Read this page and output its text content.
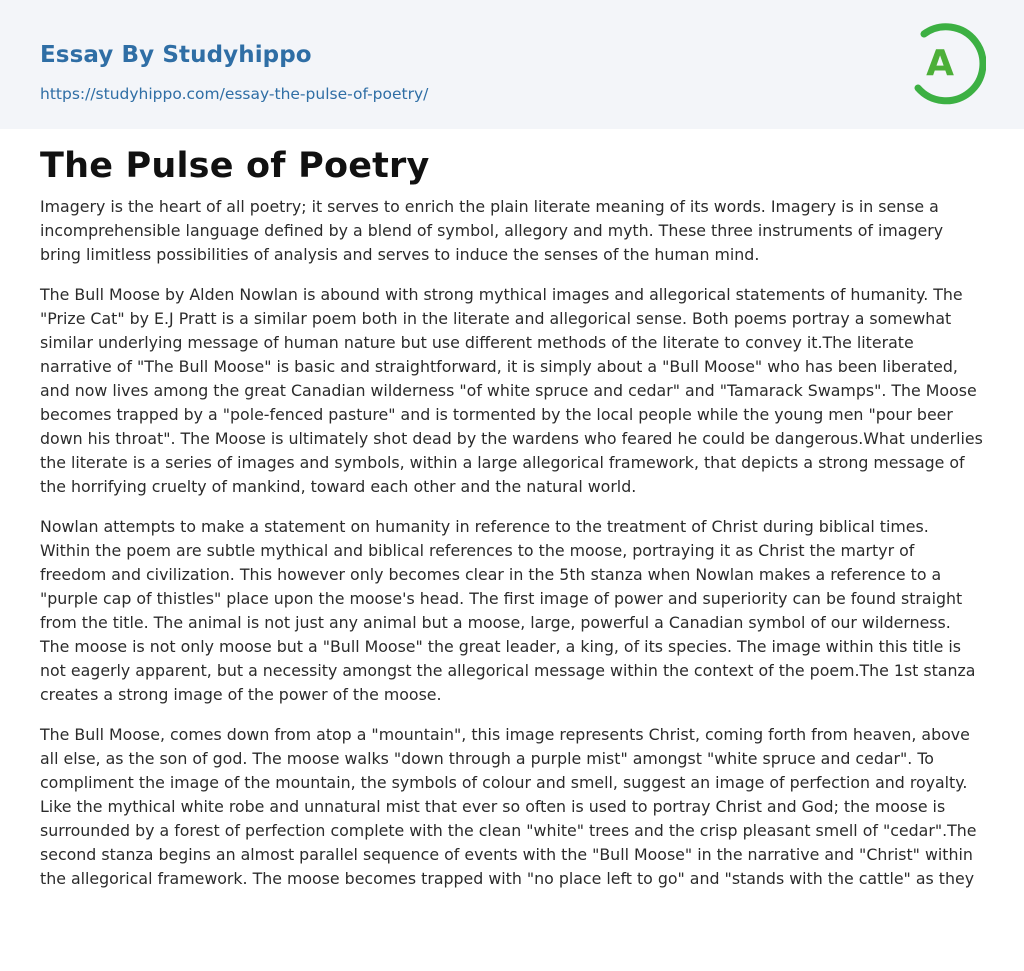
Essay By Studyhippo
https://studyhippo.com/essay-the-pulse-of-poetry/
A
The Pulse of Poetry

Imagery is the heart of all poetry; it serves to enrich the plain literate meaning of its words. Imagery is in sense a incomprehensible language defined by a blend of symbol, allegory and myth. These three instruments of imagery bring limitless possibilities of analysis and serves to induce the senses of the human mind.

The Bull Moose by Alden Nowlan is abound with strong mythical images and allegorical statements of humanity. The "Prize Cat" by E.J Pratt is a similar poem both in the literate and allegorical sense. Both poems portray a somewhat similar underlying message of human nature but use different methods of the literate to convey it.The literate narrative of "The Bull Moose" is basic and straightforward, it is simply about a "Bull Moose" who has been liberated, and now lives among the great Canadian wilderness "of white spruce and cedar" and "Tamarack Swamps". The Moose becomes trapped by a "pole-fenced pasture" and is tormented by the local people while the young men "pour beer down his throat". The Moose is ultimately shot dead by the wardens who feared he could be dangerous.What underlies the literate is a series of images and symbols, within a large allegorical framework, that depicts a strong message of the horrifying cruelty of mankind, toward each other and the natural world.

Nowlan attempts to make a statement on humanity in reference to the treatment of Christ during biblical times. Within the poem are subtle mythical and biblical references to the moose, portraying it as Christ the martyr of freedom and civilization. This however only becomes clear in the 5th stanza when Nowlan makes a reference to a "purple cap of thistles" place upon the moose's head. The first image of power and superiority can be found straight from the title. The animal is not just any animal but a moose, large, powerful a Canadian symbol of our wilderness. The moose is not only moose but a "Bull Moose" the great leader, a king, of its species. The image within this title is not eagerly apparent, but a necessity amongst the allegorical message within the context of the poem.The 1st stanza creates a strong image of the power of the moose.

The Bull Moose, comes down from atop a "mountain", this image represents Christ, coming forth from heaven, above all else, as the son of god. The moose walks "down through a purple mist" amongst "white spruce and cedar". To compliment the image of the mountain, the symbols of colour and smell, suggest an image of perfection and royalty. Like the mythical white robe and unnatural mist that ever so often is used to portray Christ and God; the moose is surrounded by a forest of perfection complete with the clean "white" trees and the crisp pleasant smell of "cedar".The second stanza begins an almost parallel sequence of events with the "Bull Moose" in the narrative and "Christ" within the allegorical framework. The moose becomes trapped with "no place left to go" and "stands with the cattle" as they
